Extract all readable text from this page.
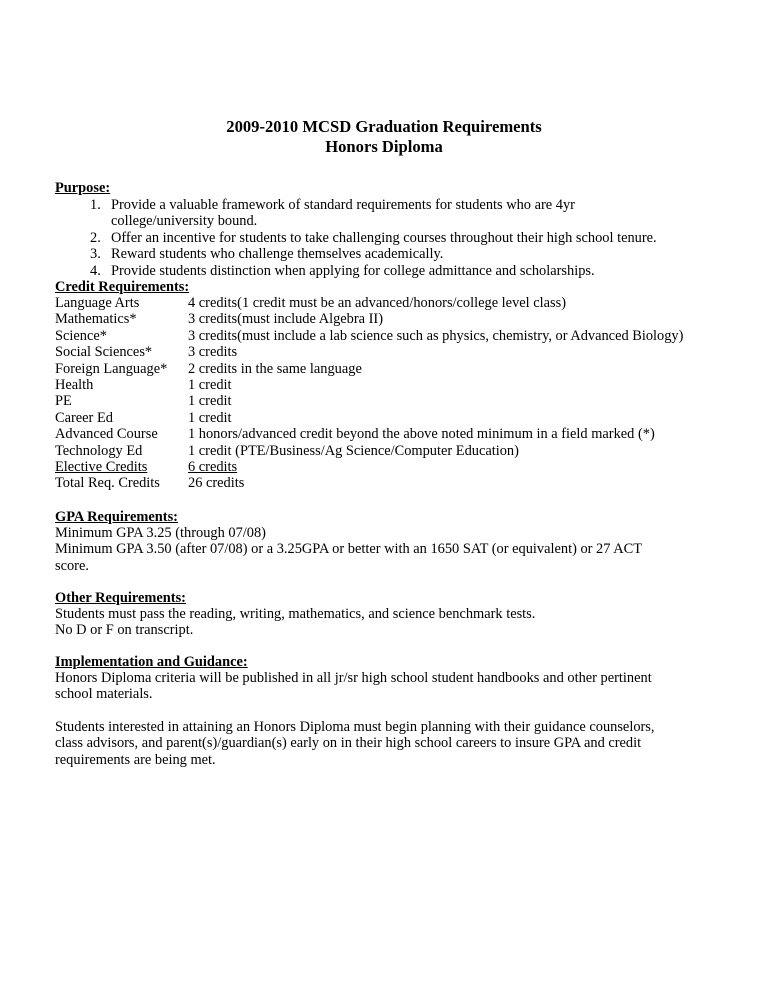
2009-2010 MCSD Graduation Requirements
Honors Diploma
Purpose:
1. Provide a valuable framework of standard requirements for students who are 4yr
college/university bound.
2. Offer an incentive for students to take challenging courses throughout their high school tenure.
3. Reward students who challenge themselves academically.
4. Provide students distinction when applying for college admittance and scholarships.
Credit Requirements:
Language Arts	4 credits(1 credit must be an advanced/honors/college level class)
Mathematics*	3 credits(must include Algebra II)
Science*	3 credits(must include a lab science such as physics, chemistry, or Advanced Biology)
Social Sciences*	3 credits
Foreign Language*	2 credits in the same language
Health	1 credit
PE	1 credit
Career Ed	1 credit
Advanced Course	1 honors/advanced credit beyond the above noted minimum in a field marked (*)
Technology Ed	1 credit (PTE/Business/Ag Science/Computer Education)
Elective Credits	6 credits
Total Req. Credits	26 credits
GPA Requirements:
Minimum GPA 3.25 (through 07/08)
Minimum GPA 3.50 (after 07/08) or a 3.25GPA or better with an 1650 SAT (or equivalent) or 27 ACT
score.
Other Requirements:
Students must pass the reading, writing, mathematics, and science benchmark tests.
No D or F on transcript.
Implementation and Guidance:
Honors Diploma criteria will be published in all jr/sr high school student handbooks and other pertinent
school materials.
Students interested in attaining an Honors Diploma must begin planning with their guidance counselors,
class advisors, and parent(s)/guardian(s) early on in their high school careers to insure GPA and credit
requirements are being met.
